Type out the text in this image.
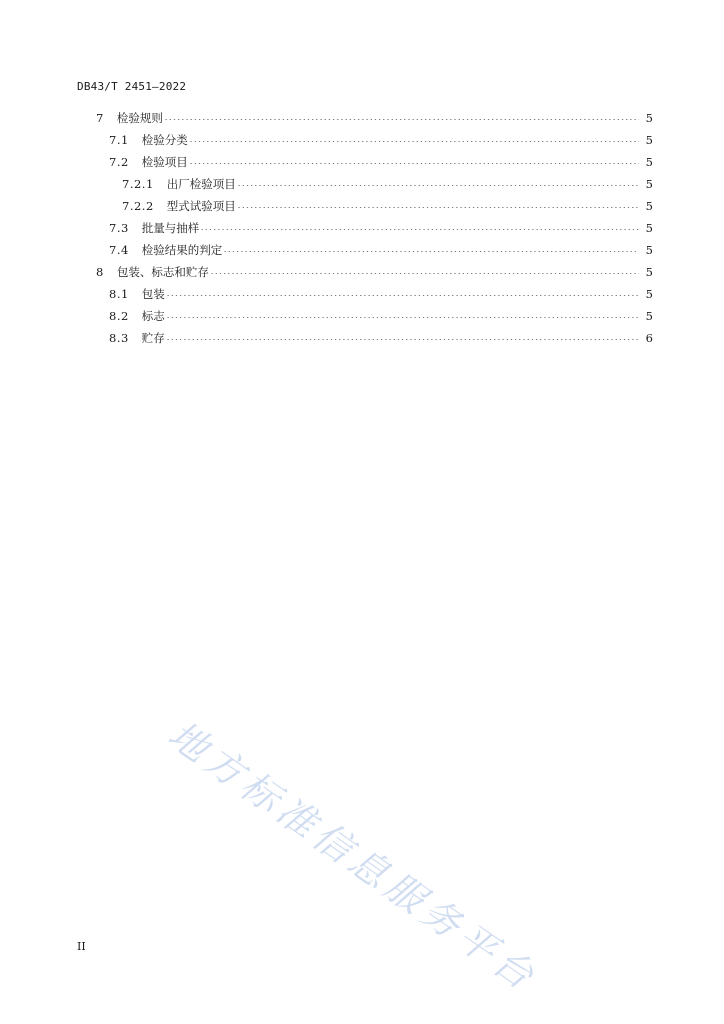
DB43/T 2451—2022
7 检验规则	5
7.1 检验分类	5
7.2 检验项目	5
7.2.1 出厂检验项目	5
7.2.2 型式试验项目	5
7.3 批量与抽样	5
7.4 检验结果的判定	5
8 包装、标志和贮存	5
8.1 包装	5
8.2 标志	5
8.3 贮存	6
地方标准信息服务平台
II
